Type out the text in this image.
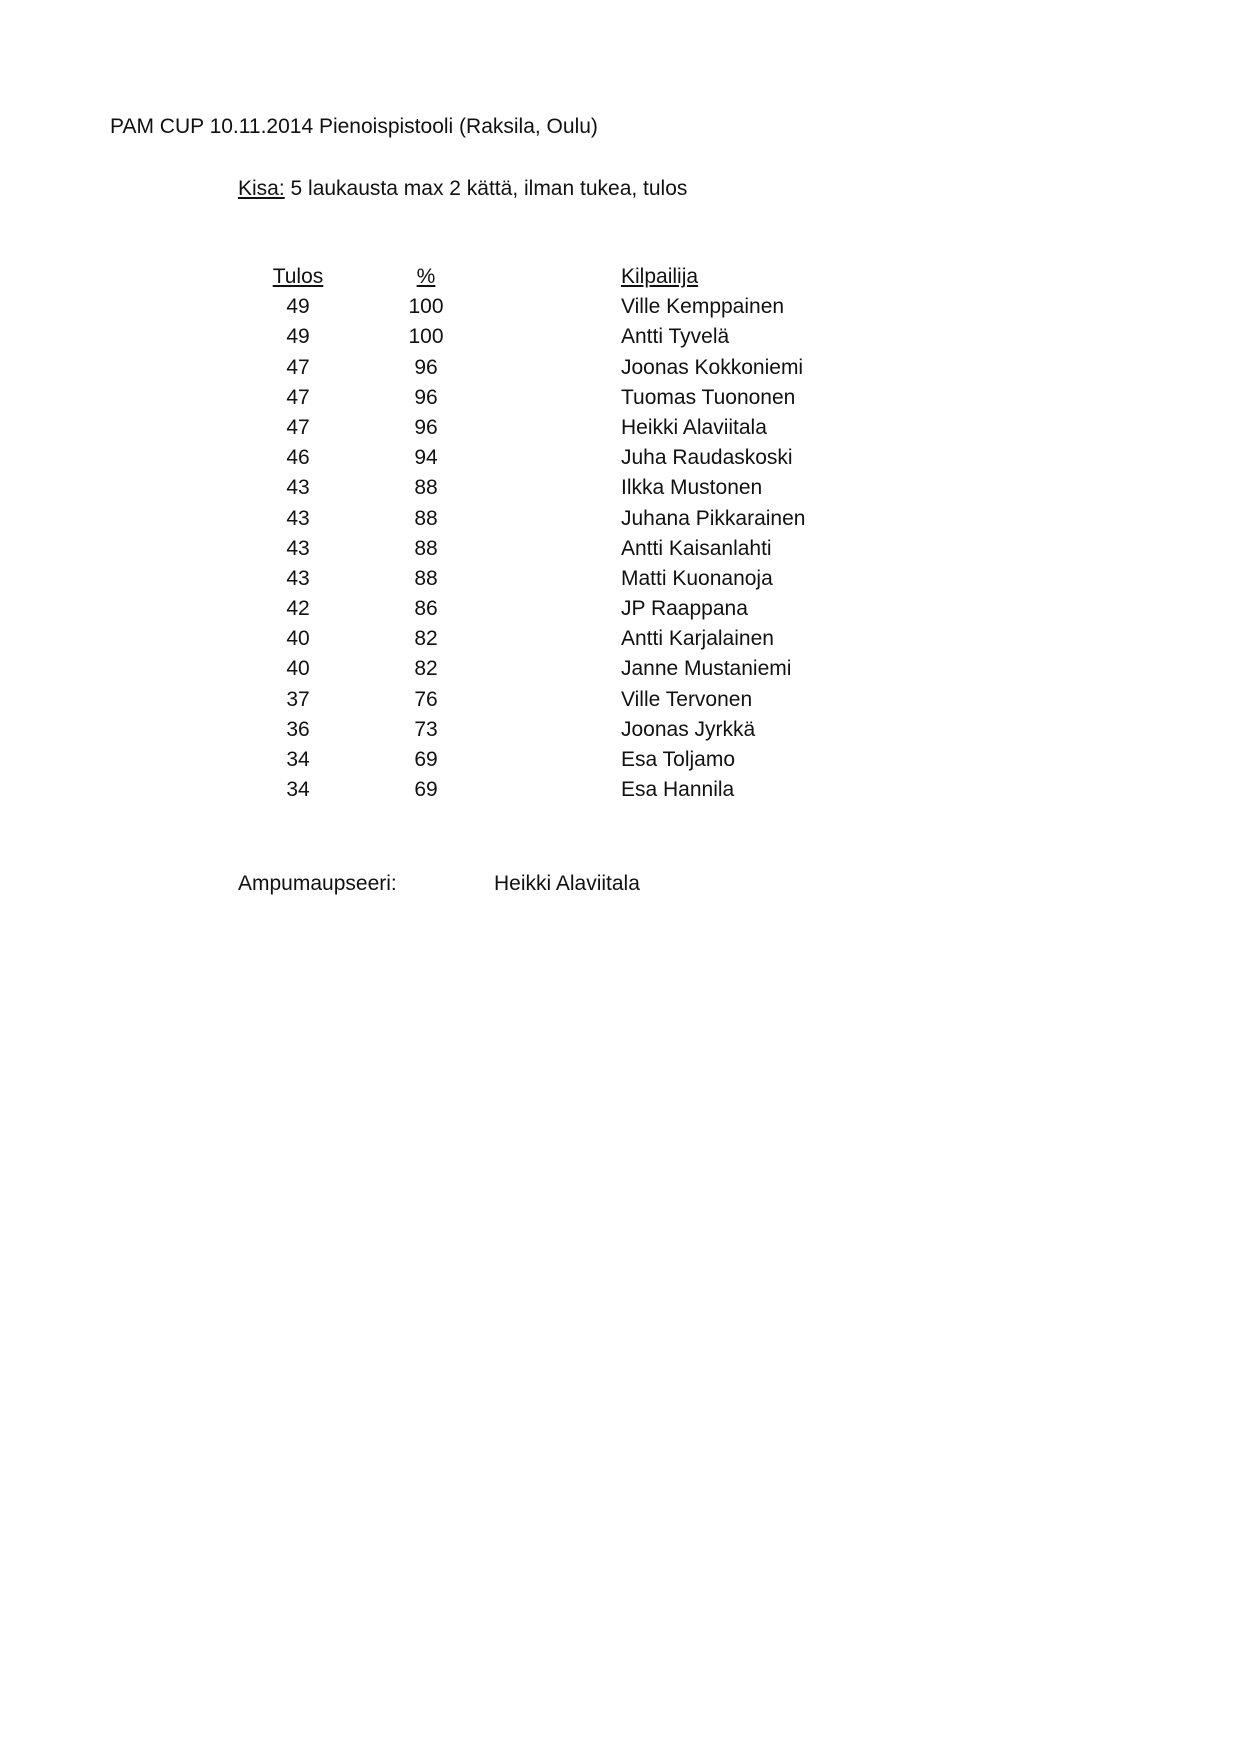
PAM CUP 10.11.2014 Pienoispistooli (Raksila, Oulu)
Kisa: 5 laukausta max 2 kättä, ilman tukea, tulos
Tulos	%	Kilpailija
49	100	Ville Kemppainen
49	100	Antti Tyvelä
47	96	Joonas Kokkoniemi
47	96	Tuomas Tuononen
47	96	Heikki Alaviitala
46	94	Juha Raudaskoski
43	88	Ilkka Mustonen
43	88	Juhana Pikkarainen
43	88	Antti Kaisanlahti
43	88	Matti Kuonanoja
42	86	JP Raappana
40	82	Antti Karjalainen
40	82	Janne Mustaniemi
37	76	Ville Tervonen
36	73	Joonas Jyrkkä
34	69	Esa Toljamo
34	69	Esa Hannila
Ampumaupseeri:	Heikki Alaviitala
